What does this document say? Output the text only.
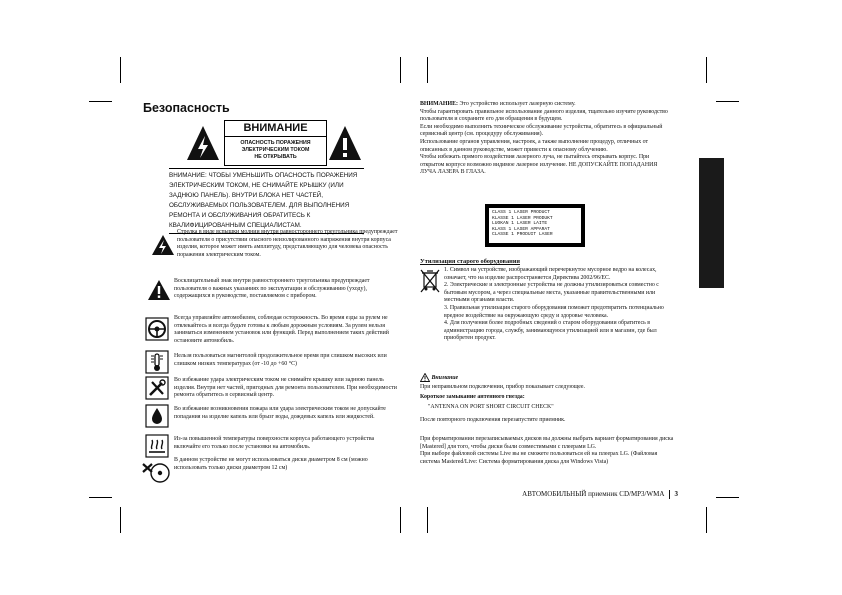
Безопасность
ВНИМАНИЕ
ОПАСНОСТЬ ПОРАЖЕНИЯ
ЭЛЕКТРИЧЕСКИМ ТОКОМ
НЕ ОТКРЫВАТЬ
ВНИМАНИЕ: ЧТОБЫ УМЕНЬШИТЬ ОПАСНОСТЬ ПОРАЖЕНИЯ ЭЛЕКТРИЧЕСКИМ ТОКОМ, НЕ СНИМАЙТЕ КРЫШКУ (ИЛИ ЗАДНЮЮ ПАНЕЛЬ). ВНУТРИ БЛОКА НЕТ ЧАСТЕЙ, ОБСЛУЖИВАЕМЫХ ПОЛЬЗОВАТЕЛЕМ. ДЛЯ ВЫПОЛНЕНИЯ РЕМОНТА И ОБСЛУЖИВАНИЯ ОБРАТИТЕСЬ К КВАЛИФИЦИРОВАННЫМ СПЕЦИАЛИСТАМ.
Стрелка в виде вспышки молнии внутри равностороннего треугольника предупреждает пользователя о присутствии опасного неизолированного напряжения внутри корпуса изделия, которое может иметь амплитуду, представляющую для человека опасность поражения электрическим током.
Восклицательный знак внутри равностороннего треугольника предупреждает пользователя о важных указаниях по эксплуатации и обслуживанию (уходу), содержащихся в руководстве, поставляемом с прибором.
Всегда управляйте автомобилем, соблюдая осторожность. Во время езды за рулем не отвлекайтесь и всегда будьте готовы к любым дорожным условиям. За рулем нельзя заниматься изменением установок или функций. Перед выполнением таких действий остановите автомобиль.
Нельзя пользоваться магнитолой продолжительное время при слишком высоких или слишком низких температурах (от -10 до +60 °C)
Во избежание удара электрическим током не снимайте крышку или заднюю панель изделия. Внутри нет частей, пригодных для ремонта пользователем. При необходимости ремонта обратитесь в сервисный центр.
Во избежание возникновения пожара или удара электрическим током не допускайте попадания на изделие капель или брызг воды, дождевых капель или жидкостей.
Из-за повышенной температуры поверхности корпуса работающего устройства включайте его только после установки на автомобиль.
В данном устройстве не могут использоваться диски диаметром 8 см (можно использовать только диски диаметром 12 см)
ВНИМАНИЕ: Это устройство использует лазерную систему.
Чтобы гарантировать правильное использование данного изделия, тщательно изучите руководство пользователя и сохраните его для обращения в будущем.
Если необходимо выполнить техническое обслуживание устройства, обратитесь в официальный сервисный центр (см. процедуру обслуживания).
Использование органов управления, настроек, а также выполнение процедур, отличных от описанных в данном руководстве, может привести к опасному облучению.
Чтобы избежать прямого воздействия лазерного луча, не пытайтесь открывать корпус. При открытом корпусе возможно видимое лазерное излучение. НЕ ДОПУСКАЙТЕ ПОПАДАНИЯ ЛУЧА ЛАЗЕРА В ГЛАЗА.
CLASS 1 LASER PRODUCT
KLASSE 1 LASER PRODUKT
LUOKAN 1 LASER LAITE
KLASS 1 LASER APPARAT
CLASSE 1 PRODUIT LASER
Утилизация старого оборудования
1. Символ на устройстве, изображающий перечеркнутое мусорное ведро на колесах, означает, что на изделие распространяется Директива 2002/96/ЕС.
2. Электрические и электронные устройства не должны утилизироваться совместно с бытовым мусором, а через специальные места, указанные правительственными или местными органами власти.
3. Правильная утилизация старого оборудования поможет предотвратить потенциально вредное воздействие на окружающую среду и здоровье человека.
4. Для получения более подробных сведений о старом оборудовании обратитесь в администрацию города, службу, занимающуюся утилизацией или в магазин, где был приобретен продукт.
Внимание
При неправильном подключении, прибор показывает следующее.
Короткое замыкание антенного гнезда:
"ANTENNA ON PORT SHORT CIRCUIT CHECK"
После повторного подключения перезапустите приемник.
При форматировании перезаписываемых дисков вы должны выбрать вариант форматирования диска [Mastered] для того, чтобы диски были совместимыми с плеерами LG.
При выборе файловой системы Live вы не сможете пользоваться ей на плеерах LG. (Файловая система Mastered/Live: Система форматирования диска для Windows Vista)
АВТОМОБИЛЬНЫЙ приемник CD/MP3/WMA 3
